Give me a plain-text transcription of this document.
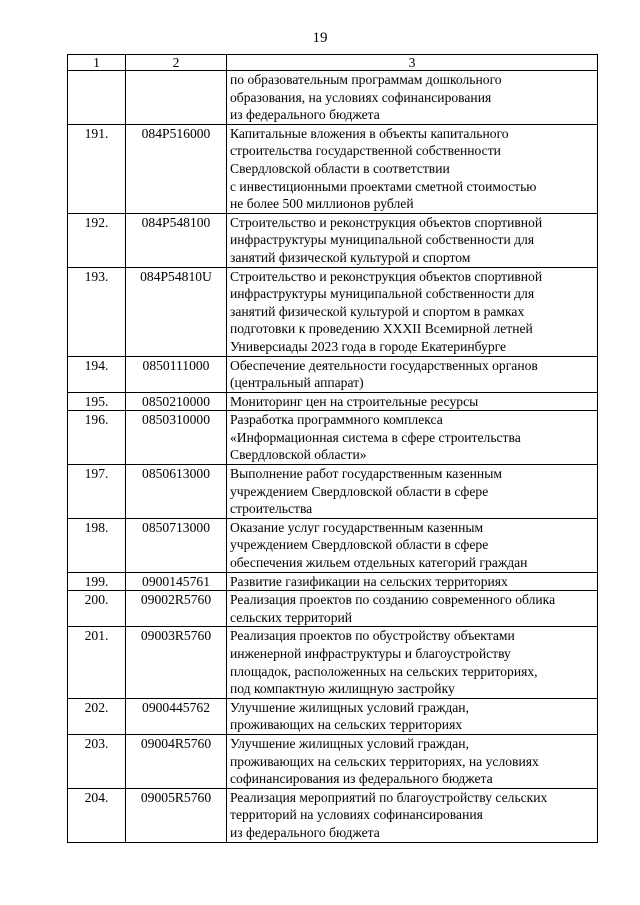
19
1	2	3

		по образовательным программам дошкольного
образования, на условиях софинансирования
из федерального бюджета

191.	084P516000	Капитальные вложения в объекты капитального
строительства государственной собственности
Свердловской области в соответствии
с инвестиционными проектами сметной стоимостью
не более 500 миллионов рублей

192.	084P548100	Строительство и реконструкция объектов спортивной
инфраструктуры муниципальной собственности для
занятий физической культурой и спортом

193.	084P54810U	Строительство и реконструкция объектов спортивной
инфраструктуры муниципальной собственности для
занятий физической культурой и спортом в рамках
подготовки к проведению XXXII Всемирной летней
Универсиады 2023 года в городе Екатеринбурге

194.	0850111000	Обеспечение деятельности государственных органов
(центральный аппарат)

195.	0850210000	Мониторинг цен на строительные ресурсы

196.	0850310000	Разработка программного комплекса
«Информационная система в сфере строительства
Свердловской области»

197.	0850613000	Выполнение работ государственным казенным
учреждением Свердловской области в сфере
строительства

198.	0850713000	Оказание услуг государственным казенным
учреждением Свердловской области в сфере
обеспечения жильем отдельных категорий граждан

199.	0900145761	Развитие газификации на сельских территориях

200.	09002R5760	Реализация проектов по созданию современного облика
сельских территорий

201.	09003R5760	Реализация проектов по обустройству объектами
инженерной инфраструктуры и благоустройству
площадок, расположенных на сельских территориях,
под компактную жилищную застройку

202.	0900445762	Улучшение жилищных условий граждан,
проживающих на сельских территориях

203.	09004R5760	Улучшение жилищных условий граждан,
проживающих на сельских территориях, на условиях
софинансирования из федерального бюджета

204.	09005R5760	Реализация мероприятий по благоустройству сельских
территорий на условиях софинансирования
из федерального бюджета
